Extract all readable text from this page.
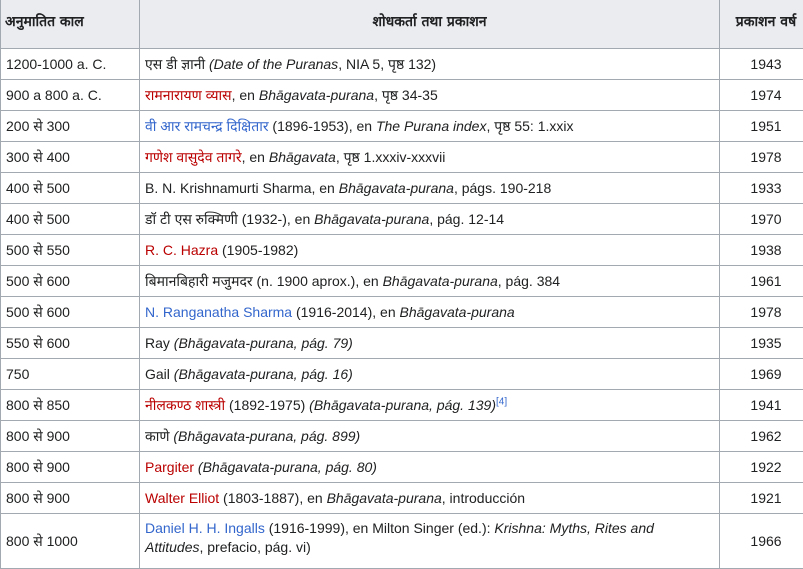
अनुमातित काल	शोधकर्ता तथा प्रकाशन	प्रकाशन वर्ष
1200-1000 a. C.	एस डी ज्ञानी (Date of the Puranas, NIA 5, पृष्ठ 132)	1943
900 a 800 a. C.	रामनारायण व्यास, en Bhāgavata-purana, पृष्ठ 34-35	1974
200 से 300	वी आर रामचन्द्र दिक्षितार (1896-1953), en The Purana index, पृष्ठ 55: 1.xxix	1951
300 से 400	गणेश वासुदेव तागरे, en Bhāgavata, पृष्ठ 1.xxxiv-xxxvii	1978
400 से 500	B. N. Krishnamurti Sharma, en Bhāgavata-purana, págs. 190-218	1933
400 से 500	डॉ टी एस रुक्मिणी (1932-), en Bhāgavata-purana, pág. 12-14	1970
500 से 550	R. C. Hazra (1905-1982)	1938
500 से 600	बिमानबिहारी मजुमदर (n. 1900 aprox.), en Bhāgavata-purana, pág. 384	1961
500 से 600	N. Ranganatha Sharma (1916-2014), en Bhāgavata-purana	1978
550 से 600	Ray (Bhāgavata-purana, pág. 79)	1935
750	Gail (Bhāgavata-purana, pág. 16)	1969
800 से 850	नीलकण्ठ शास्त्री (1892-1975) (Bhāgavata-purana, pág. 139)[4]	1941
800 से 900	काणे (Bhāgavata-purana, pág. 899)	1962
800 से 900	Pargiter (Bhāgavata-purana, pág. 80)	1922
800 से 900	Walter Elliot (1803-1887), en Bhāgavata-purana, introducción	1921
800 से 1000	Daniel H. H. Ingalls (1916-1999), en Milton Singer (ed.): Krishna: Myths, Rites and Attitudes, prefacio, pág. vi)	1966
